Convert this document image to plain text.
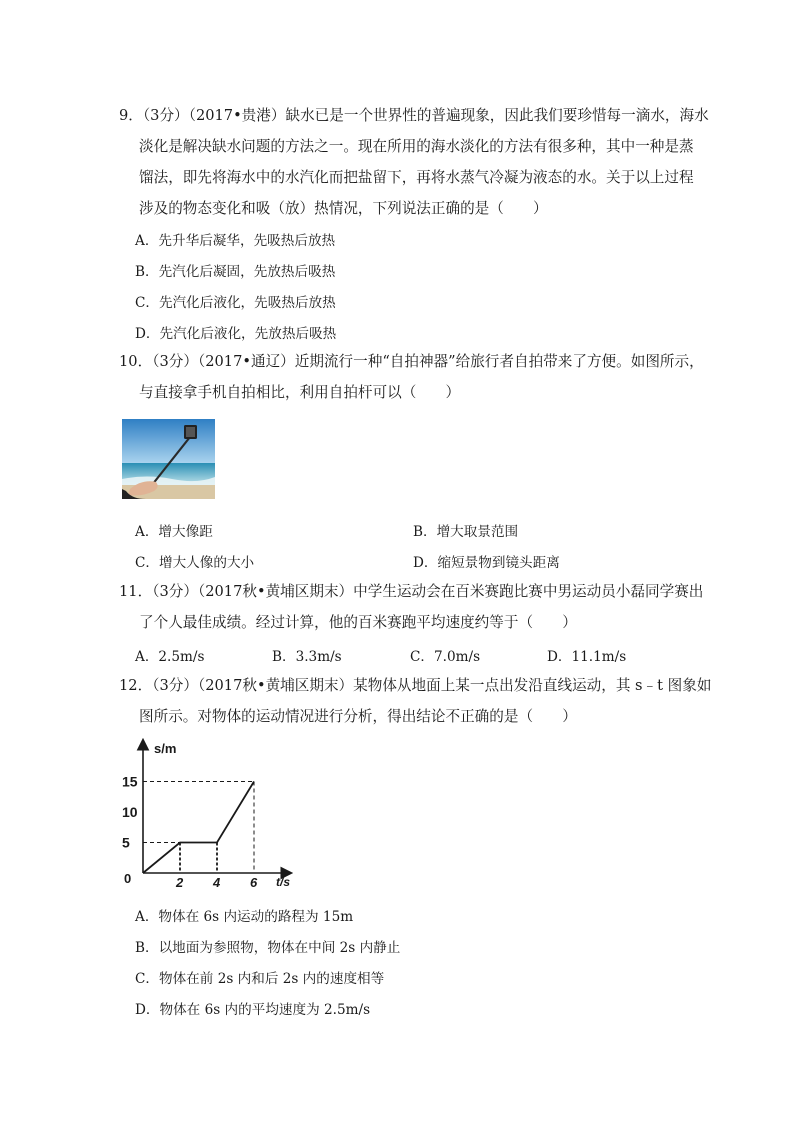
9．（3分）（2017•贵港）缺水已是一个世界性的普遍现象，因此我们要珍惜每一滴水，海水
淡化是解决缺水问题的方法之一。现在所用的海水淡化的方法有很多种，其中一种是蒸
馏法，即先将海水中的水汽化而把盐留下，再将水蒸气冷凝为液态的水。关于以上过程
涉及的物态变化和吸（放）热情况，下列说法正确的是（　　）
A．先升华后凝华，先吸热后放热
B．先汽化后凝固，先放热后吸热
C．先汽化后液化，先吸热后放热
D．先汽化后液化，先放热后吸热
10．（3分）（2017•通辽）近期流行一种“自拍神器”给旅行者自拍带来了方便。如图所示，
与直接拿手机自拍相比，利用自拍杆可以（　　）
A．增大像距	B．增大取景范围
C．增大人像的大小	D．缩短景物到镜头距离
11．（3分）（2017秋•黄埔区期末）中学生运动会在百米赛跑比赛中男运动员小磊同学赛出
了个人最佳成绩。经过计算，他的百米赛跑平均速度约等于（　　）
A．2.5m/s	B．3.3m/s	C．7.0m/s	D．11.1m/s
12．（3分）（2017秋•黄埔区期末）某物体从地面上某一点出发沿直线运动，其 s﹣t 图象如
图所示。对物体的运动情况进行分析，得出结论不正确的是（　　）
s/m
t/s
0
5
10
15
2 4 6
A．物体在 6s 内运动的路程为 15m
B．以地面为参照物，物体在中间 2s 内静止
C．物体在前 2s 内和后 2s 内的速度相等
D．物体在 6s 内的平均速度为 2.5m/s
